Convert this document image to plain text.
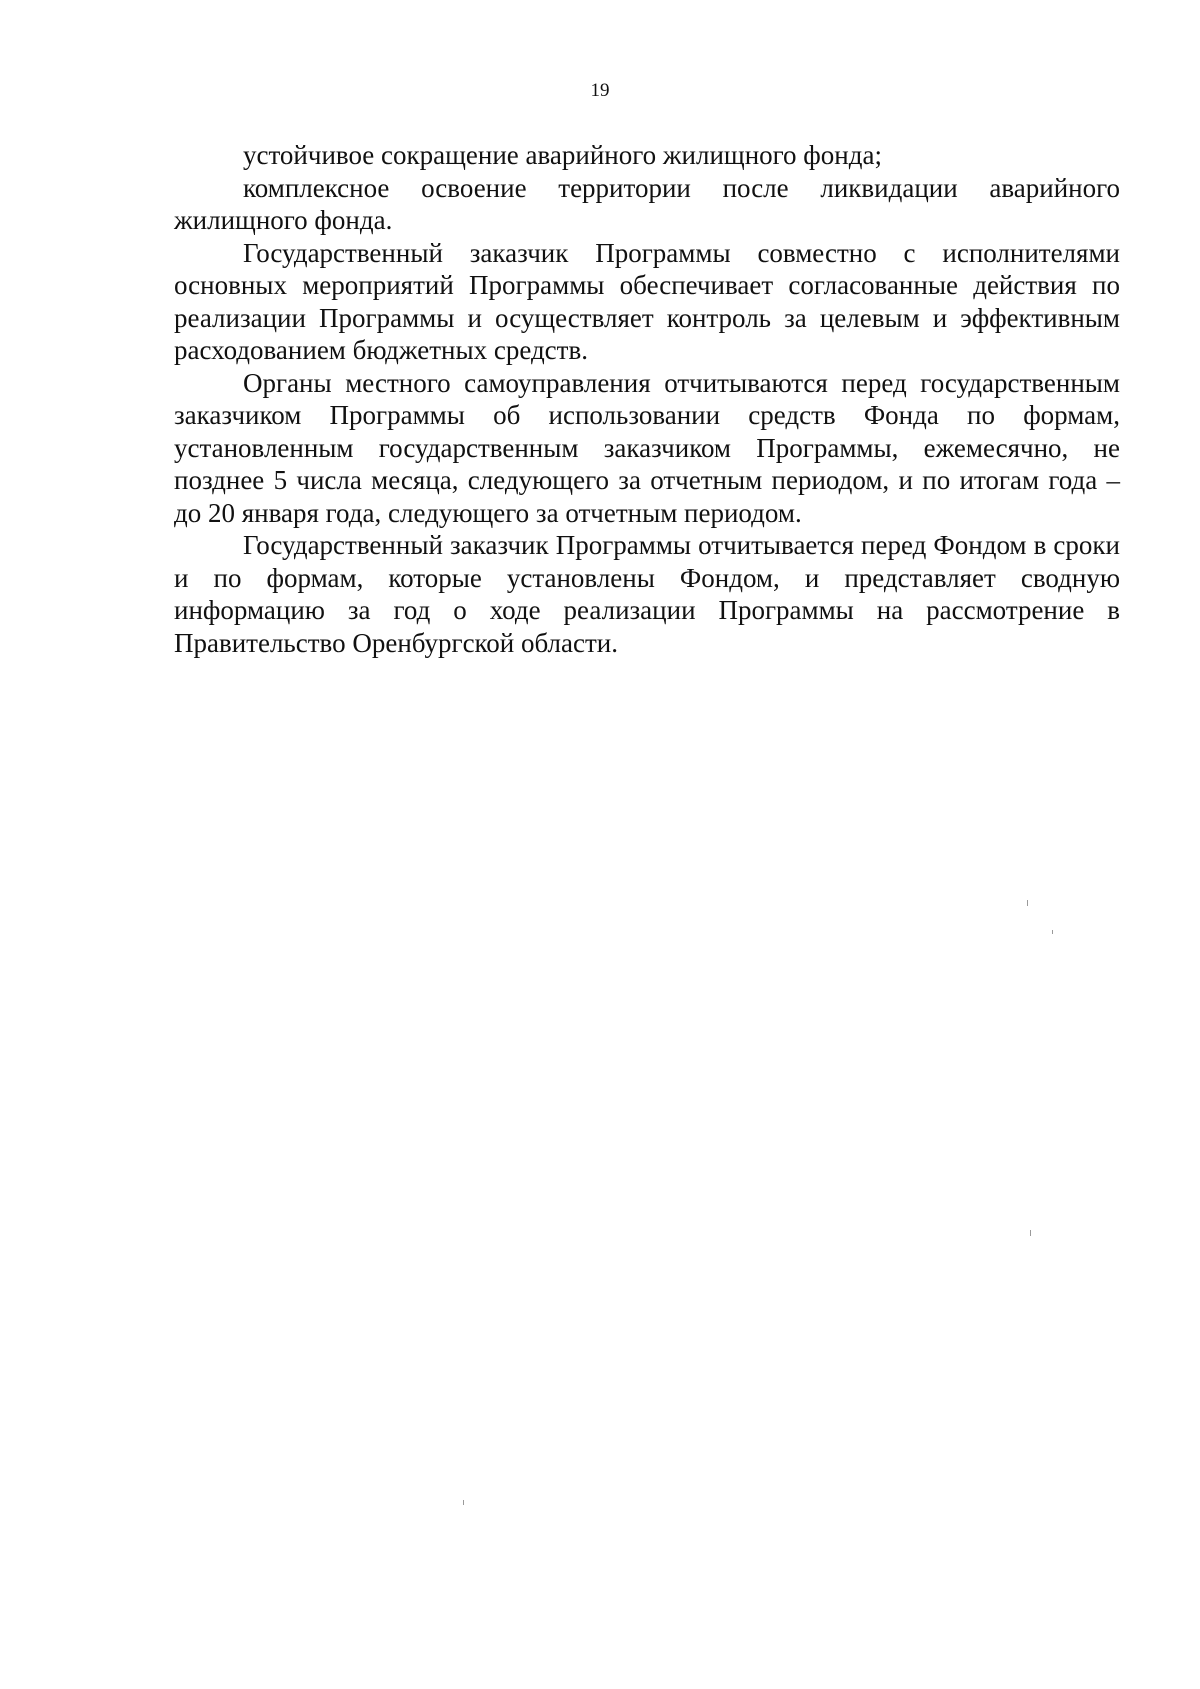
19

устойчивое сокращение аварийного жилищного фонда;

комплексное освоение территории после ликвидации аварийного жилищного фонда.

Государственный заказчик Программы совместно с исполнителями основных мероприятий Программы обеспечивает согласованные действия по реализации Программы и осуществляет контроль за целевым и эффективным расходованием бюджетных средств.

Органы местного самоуправления отчитываются перед государственным заказчиком Программы об использовании средств Фонда по формам, установленным государственным заказчиком Программы, ежемесячно, не позднее 5 числа месяца, следующего за отчетным периодом, и по итогам года – до 20 января года, следующего за отчетным периодом.

Государственный заказчик Программы отчитывается перед Фондом в сроки и по формам, которые установлены Фондом, и представляет сводную информацию за год о ходе реализации Программы на рассмотрение в Правительство Оренбургской области.
